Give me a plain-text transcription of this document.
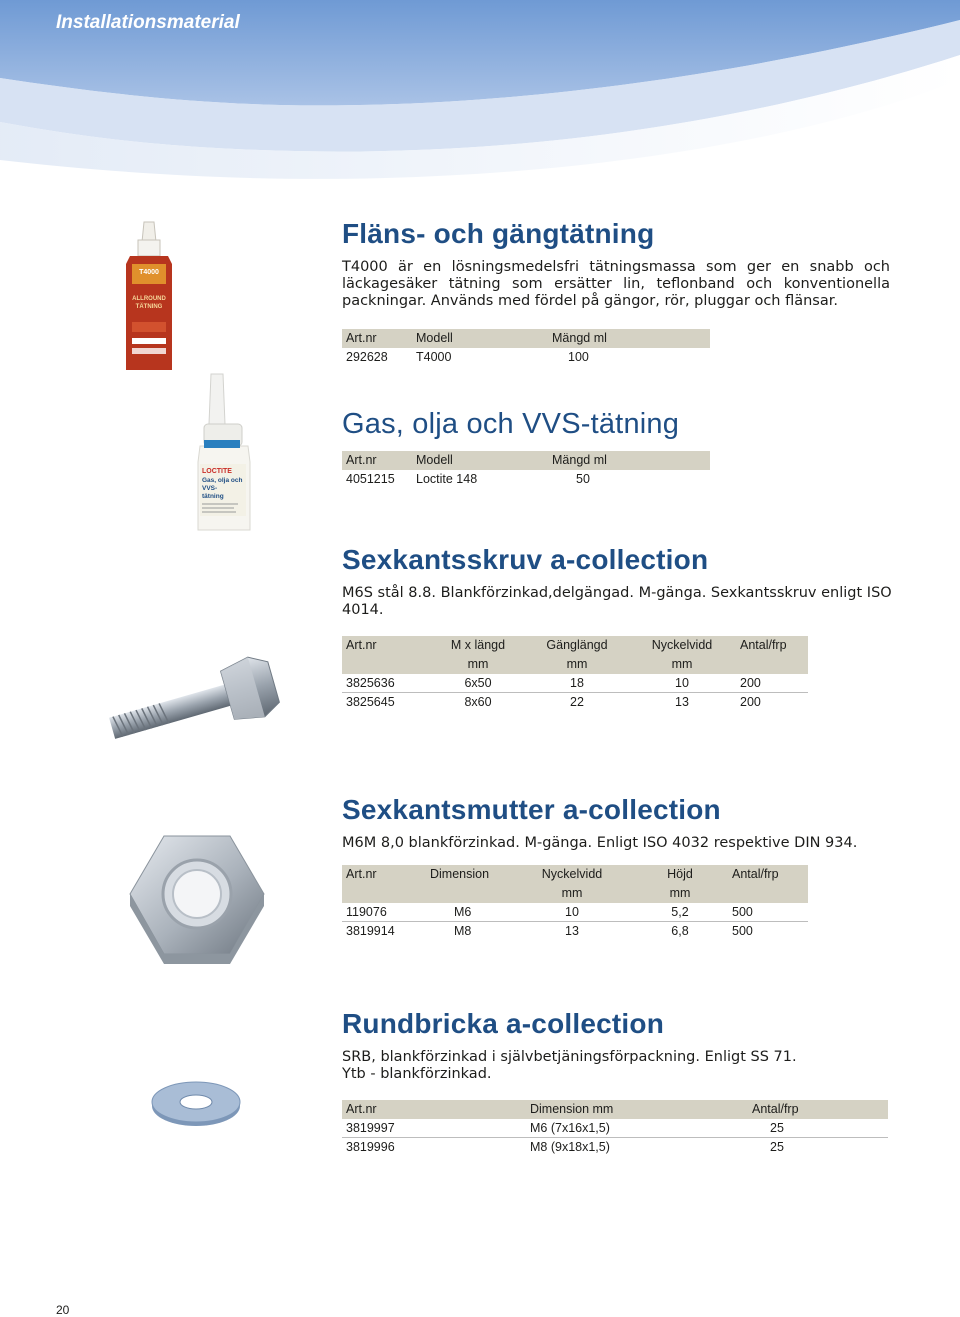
Installationsmaterial
T4000
ALLROUND
TÄTNING
LOCTITE
Gas, olja och
VVS-
tätning
Fläns- och gängtätning
T4000 är en lösningsmedelsfri tätningsmassa som ger en snabb och läckagesäker tätning som ersätter lin, teflonband och konventionella packningar. Används med fördel på gängor, rör, pluggar och flänsar.
Art.nr	Modell	Mängd ml
292628	T4000	100
Gas, olja och VVS-tätning
Art.nr	Modell	Mängd ml
4051215	Loctite 148	50
Sexkantsskruv a-collection
M6S stål 8.8. Blankförzinkad,delgängad. M-gänga. Sexkantsskruv enligt ISO 4014.
Art.nr	M x längd	Gänglängd	Nyckelvidd	Antal/frp
	mm	mm	mm	
3825636	6x50	18	10	200
3825645	8x60	22	13	200
Sexkantsmutter a-collection
M6M 8,0 blankförzinkad. M-gänga. Enligt ISO 4032 respektive DIN 934.
Art.nr	Dimension	Nyckelvidd	Höjd	Antal/frp
		mm	mm	
119076	M6	10	5,2	500
3819914	M8	13	6,8	500
Rundbricka a-collection
SRB, blankförzinkad i självbetjäningsförpackning. Enligt SS 71.
Ytb - blankförzinkad.
Art.nr	Dimension mm	Antal/frp
3819997	M6 (7x16x1,5)	25
3819996	M8 (9x18x1,5)	25
20
